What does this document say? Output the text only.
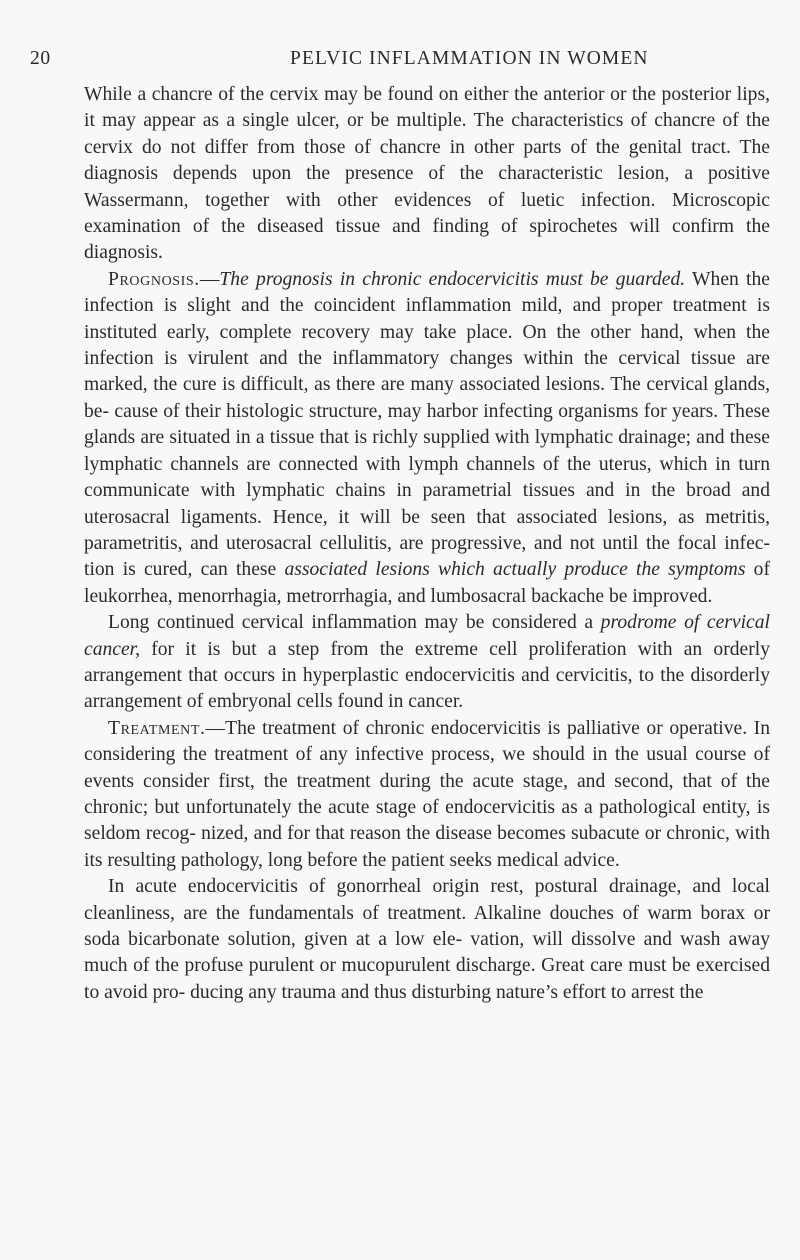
20	PELVIC INFLAMMATION IN WOMEN

While a chancre of the cervix may be found on either the anterior or the posterior lips, it may appear as a single ulcer, or be multiple. The characteristics of chancre of the cervix do not differ from those of chancre in other parts of the genital tract. The diagnosis depends upon the presence of the characteristic lesion, a positive Wassermann, together with other evidences of luetic infection. Microscopic examination of the diseased tissue and finding of spirochetes will confirm the diagnosis.

Prognosis.—The prognosis in chronic endocervicitis must be guarded. When the infection is slight and the coincident inflammation mild, and proper treatment is instituted early, complete recovery may take place. On the other hand, when the infection is virulent and the inflammatory changes within the cervical tissue are marked, the cure is difficult, as there are many associated lesions. The cervical glands, be- cause of their histologic structure, may harbor infecting organisms for years. These glands are situated in a tissue that is richly supplied with lymphatic drainage; and these lymphatic channels are connected with lymph channels of the uterus, which in turn communicate with lymphatic chains in parametrial tissues and in the broad and uterosacral ligaments. Hence, it will be seen that associated lesions, as metritis, parametritis, and uterosacral cellulitis, are progressive, and not until the focal infec- tion is cured, can these associated lesions which actually produce the symptoms of leukorrhea, menorrhagia, metrorrhagia, and lumbosacral backache be improved.

Long continued cervical inflammation may be considered a prodrome of cervical cancer, for it is but a step from the extreme cell proliferation with an orderly arrangement that occurs in hyperplastic endocervicitis and cervicitis, to the disorderly arrangement of embryonal cells found in cancer.

Treatment.—The treatment of chronic endocervicitis is palliative or operative. In considering the treatment of any infective process, we should in the usual course of events consider first, the treatment during the acute stage, and second, that of the chronic; but unfortunately the acute stage of endocervicitis as a pathological entity, is seldom recog- nized, and for that reason the disease becomes subacute or chronic, with its resulting pathology, long before the patient seeks medical advice.

In acute endocervicitis of gonorrheal origin rest, postural drainage, and local cleanliness, are the fundamentals of treatment. Alkaline douches of warm borax or soda bicarbonate solution, given at a low ele- vation, will dissolve and wash away much of the profuse purulent or mucopurulent discharge. Great care must be exercised to avoid pro- ducing any trauma and thus disturbing nature’s effort to arrest the
